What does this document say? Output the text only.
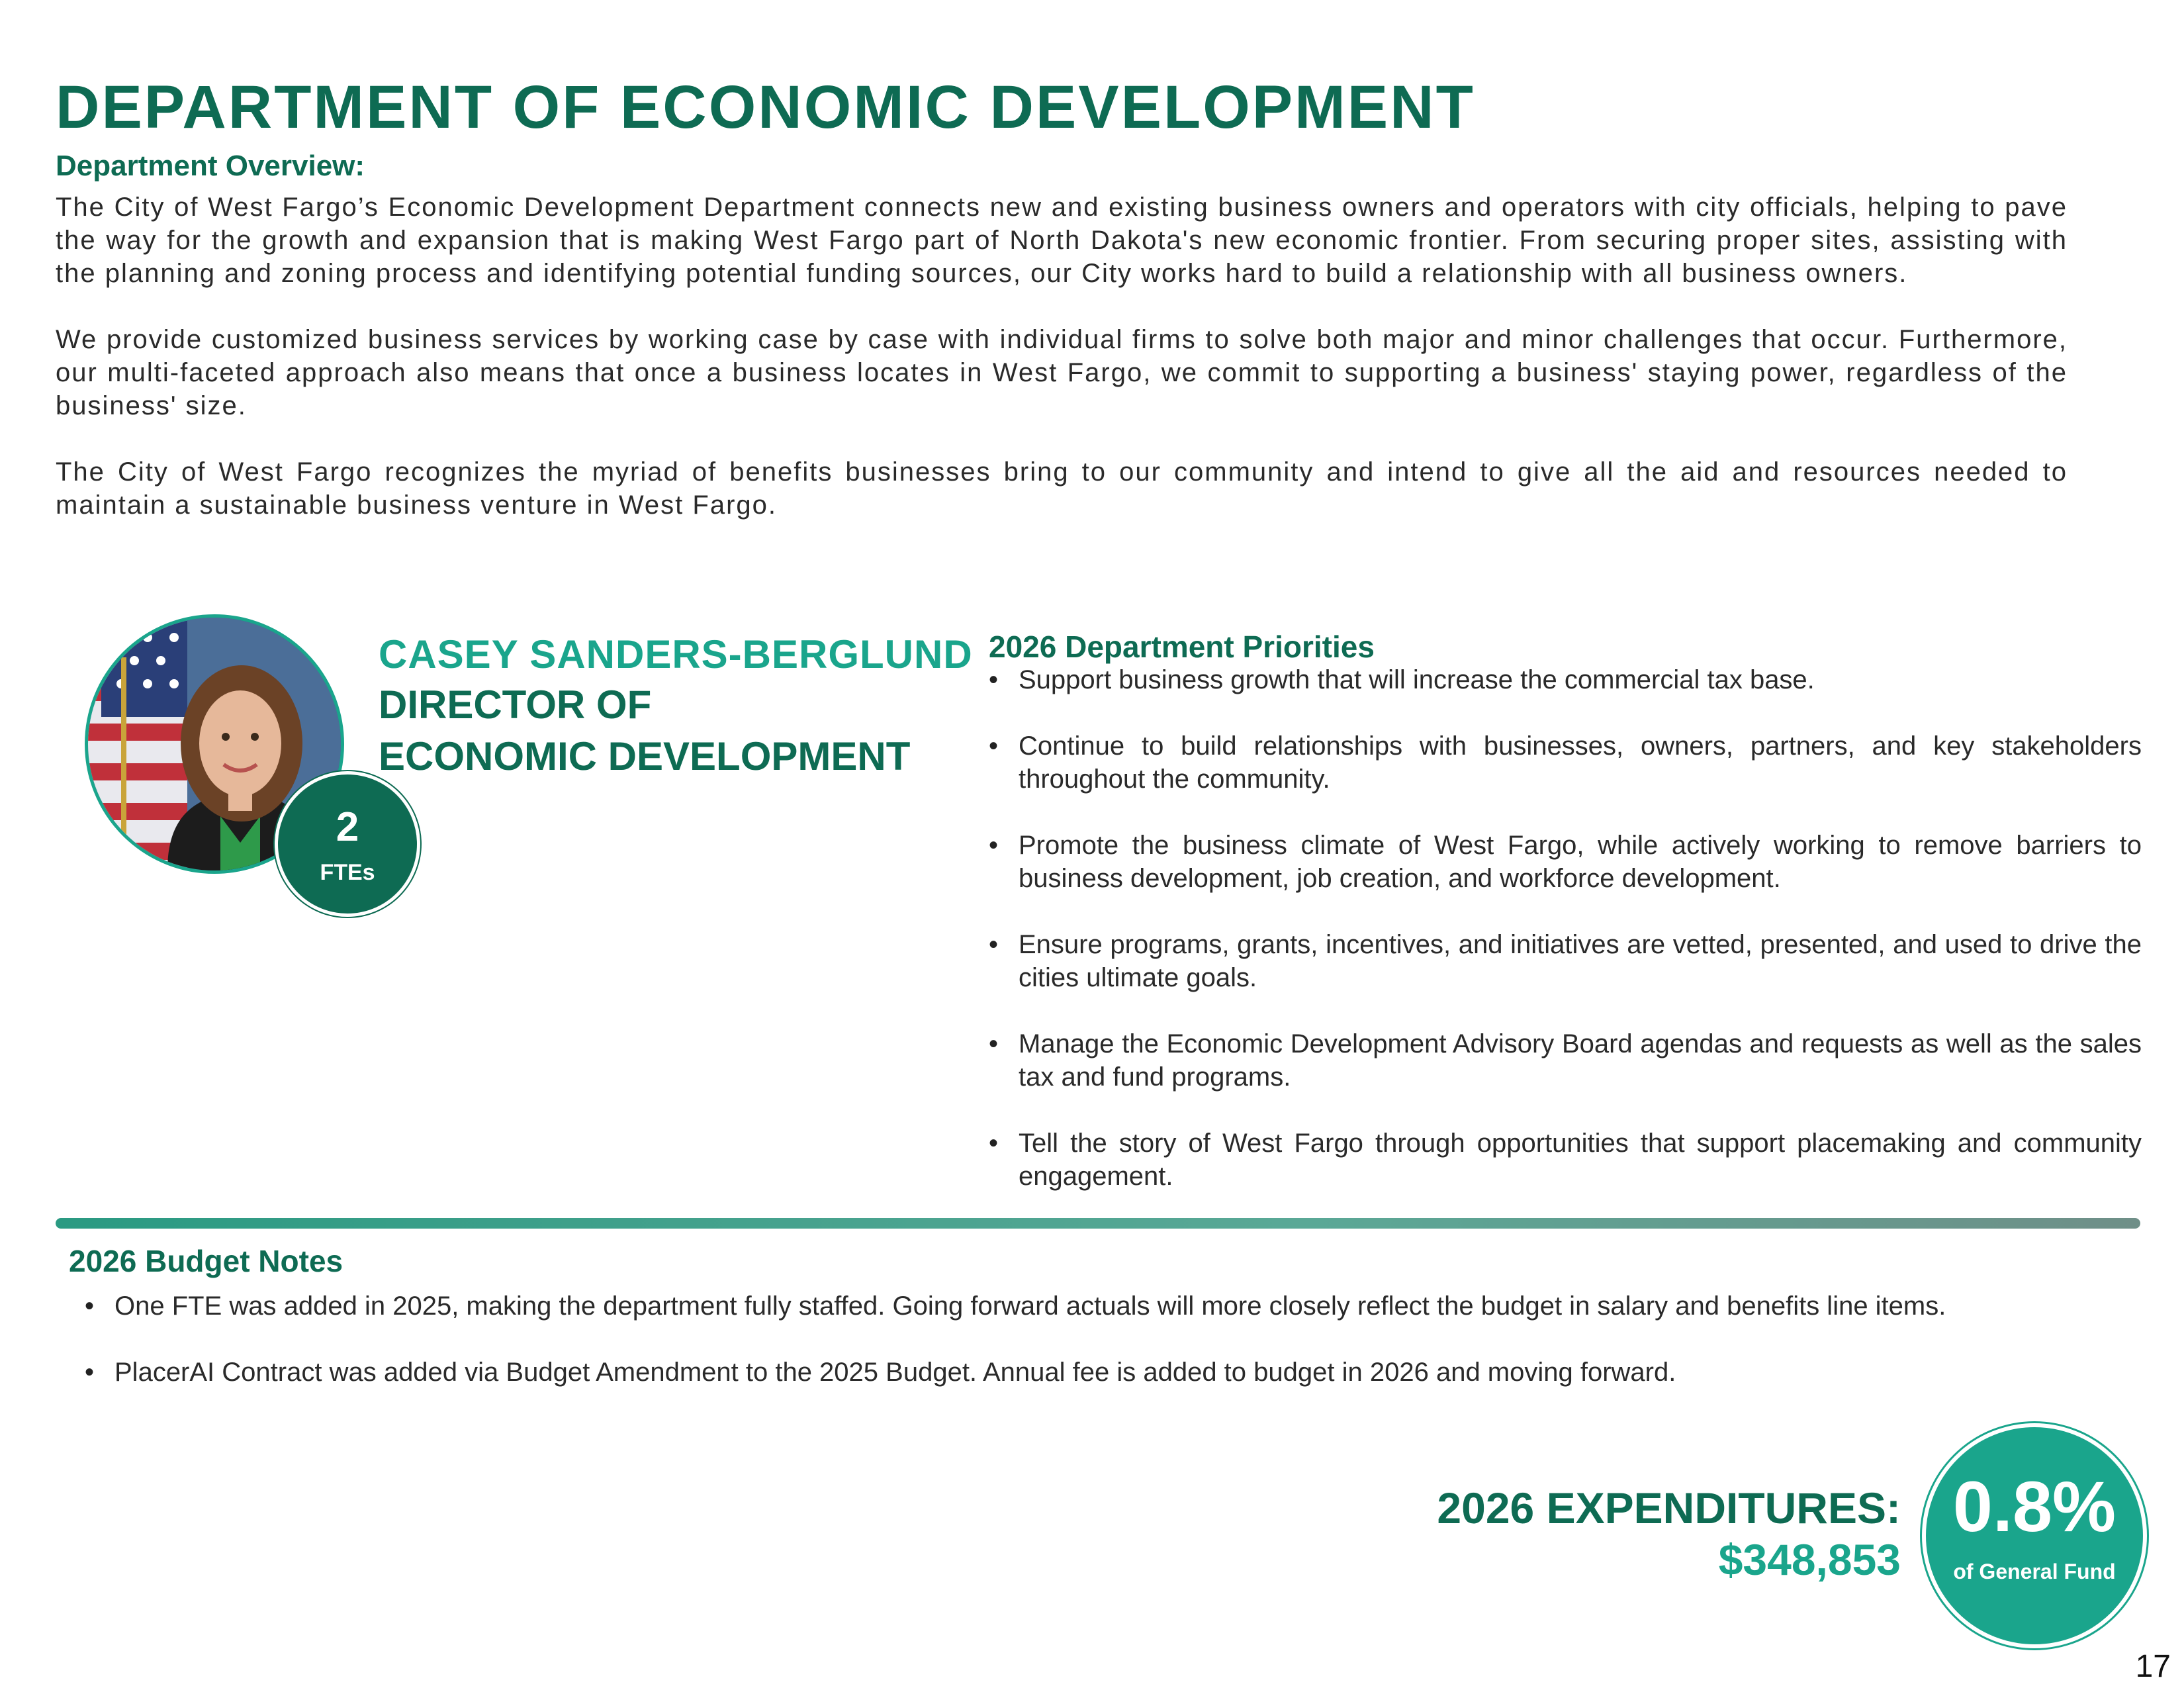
DEPARTMENT OF ECONOMIC DEVELOPMENT
Department Overview:

The City of West Fargo’s Economic Development Department connects new and existing business owners and operators with city officials, helping to pave the way for the growth and expansion that is making West Fargo part of North Dakota's new economic frontier. From securing proper sites, assisting with the planning and zoning process and identifying potential funding sources, our City works hard to build a relationship with all business owners.

We provide customized business services by working case by case with individual firms to solve both major and minor challenges that occur. Furthermore, our multi-faceted approach also means that once a business locates in West Fargo, we commit to supporting a business' staying power, regardless of the business' size.

The City of West Fargo recognizes the myriad of benefits businesses bring to our community and intend to give all the aid and resources needed to maintain a sustainable business venture in West Fargo.

2
FTEs
CASEY SANDERS-BERGLUND
DIRECTOR OF
ECONOMIC DEVELOPMENT
2026 Department Priorities
• Support business growth that will increase the commercial tax base.
• Continue to build relationships with businesses, owners, partners, and key stakeholders throughout the community.
• Promote the business climate of West Fargo, while actively working to remove barriers to business development, job creation, and workforce development.
• Ensure programs, grants, incentives, and initiatives are vetted, presented, and used to drive the cities ultimate goals.
• Manage the Economic Development Advisory Board agendas and requests as well as the sales tax and fund programs.
• Tell the story of West Fargo through opportunities that support placemaking and community engagement.
2026 Budget Notes
• One FTE was added in 2025, making the department fully staffed. Going forward actuals will more closely reflect the budget in salary and benefits line items.
• PlacerAI Contract was added via Budget Amendment to the 2025 Budget. Annual fee is added to budget in 2026 and moving forward.

2026 EXPENDITURES:

$348,853

0.8%
of General Fund

17
